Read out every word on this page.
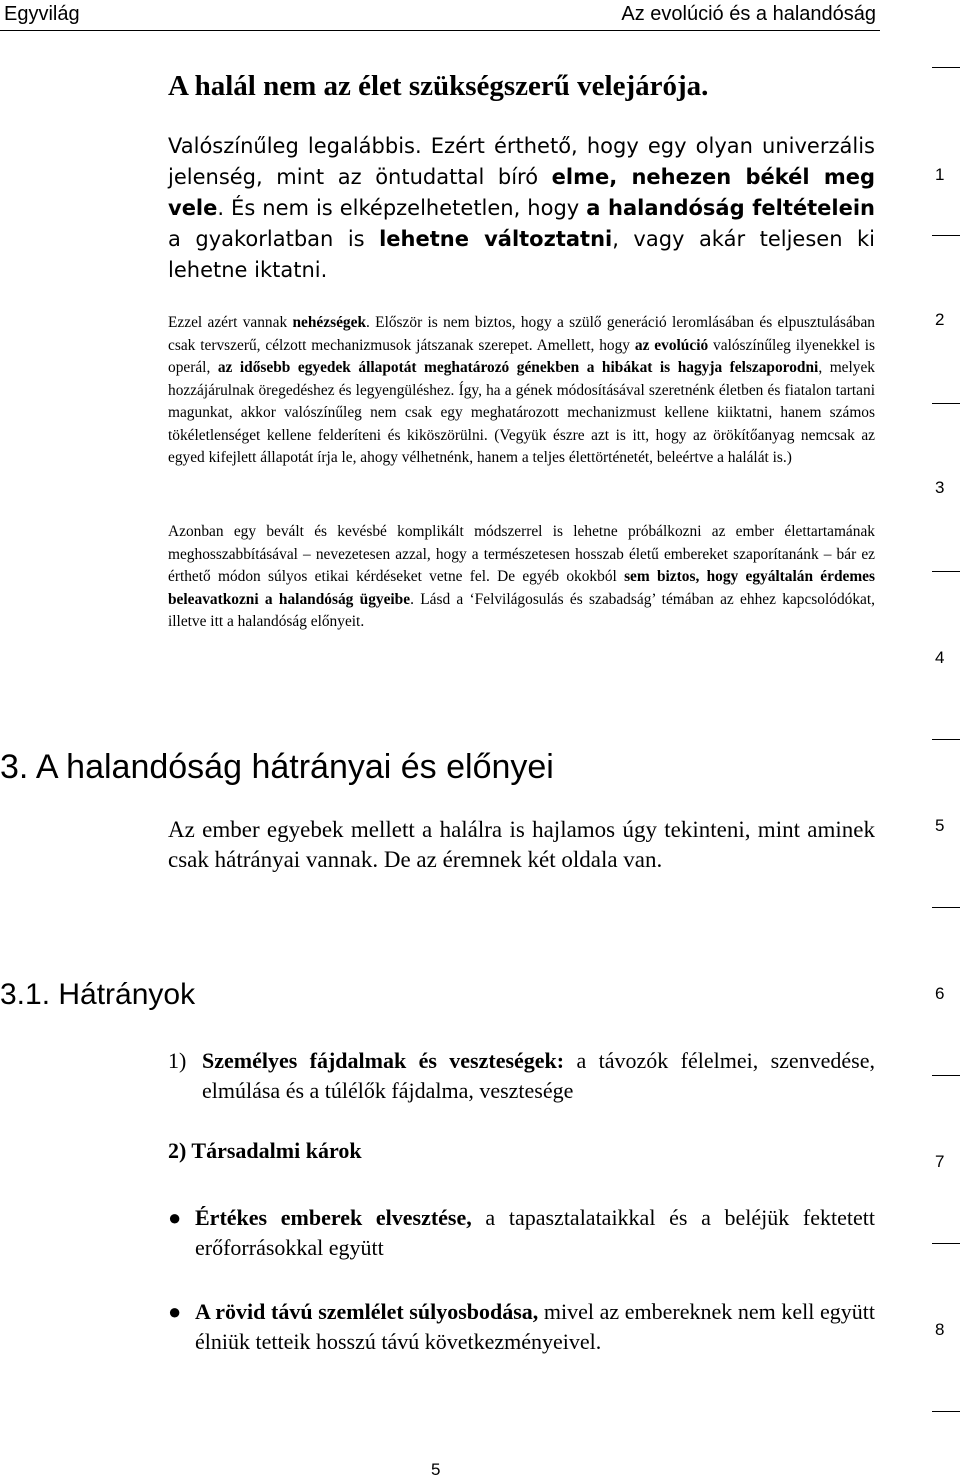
Egyvilág	Az evolúció és a halandóság
A halál nem az élet szükségszerű velejárója.
Valószínűleg legalábbis. Ezért érthető, hogy egy olyan univerzális jelenség, mint az öntudattal bíró elme, nehezen békél meg vele. És nem is elképzelhetetlen, hogy a halandóság feltételein a gyakorlatban is lehetne változtatni, vagy akár teljesen ki lehetne iktatni.
Ezzel azért vannak nehézségek. Először is nem biztos, hogy a szülő generáció leromlásában és elpusztulásában csak tervszerű, célzott mechanizmusok játszanak szerepet. Amellett, hogy az evolúció valószínűleg ilyenekkel is operál, az idősebb egyedek állapotát meghatározó génekben a hibákat is hagyja felszaporodni, melyek hozzájárulnak öregedéshez és legyengüléshez. Így, ha a gének módosításával szeretnénk életben és fiatalon tartani magunkat, akkor valószínűleg nem csak egy meghatározott mechanizmust kellene kiiktatni, hanem számos tökéletlenséget kellene felderíteni és kiköszörülni. (Vegyük észre azt is itt, hogy az örökítőanyag nemcsak az egyed kifejlett állapotát írja le, ahogy vélhetnénk, hanem a teljes élettörténetét, beleértve a halálát is.)
Azonban egy bevált és kevésbé komplikált módszerrel is lehetne próbálkozni az ember élettartamának meghosszabbításával – nevezetesen azzal, hogy a természetesen hosszab életű embereket szaporítanánk – bár ez érthető módon súlyos etikai kérdéseket vetne fel. De egyéb okokból sem biztos, hogy egyáltalán érdemes beleavatkozni a halandóság ügyeibe. Lásd a ‘Felvilágosulás és szabadság’ témában az ehhez kapcsolódókat, illetve itt a halandóság előnyeit.
3. A halandóság hátrányai és előnyei
Az ember egyebek mellett a halálra is hajlamos úgy tekinteni, mint aminek csak hátrányai vannak. De az éremnek két oldala van.
3.1. Hátrányok
1) Személyes fájdalmak és veszteségek: a távozók félelmei, szenvedése, elmúlása és a túlélők fájdalma, vesztesége
2) Társadalmi károk
● Értékes emberek elvesztése, a tapasztalataikkal és a beléjük fektetett erőforrásokkal együtt
● A rövid távú szemlélet súlyosbodása, mivel az embereknek nem kell együtt élniük tetteik hosszú távú következményeivel.
1
2
3
4
5
6
7
8
5
